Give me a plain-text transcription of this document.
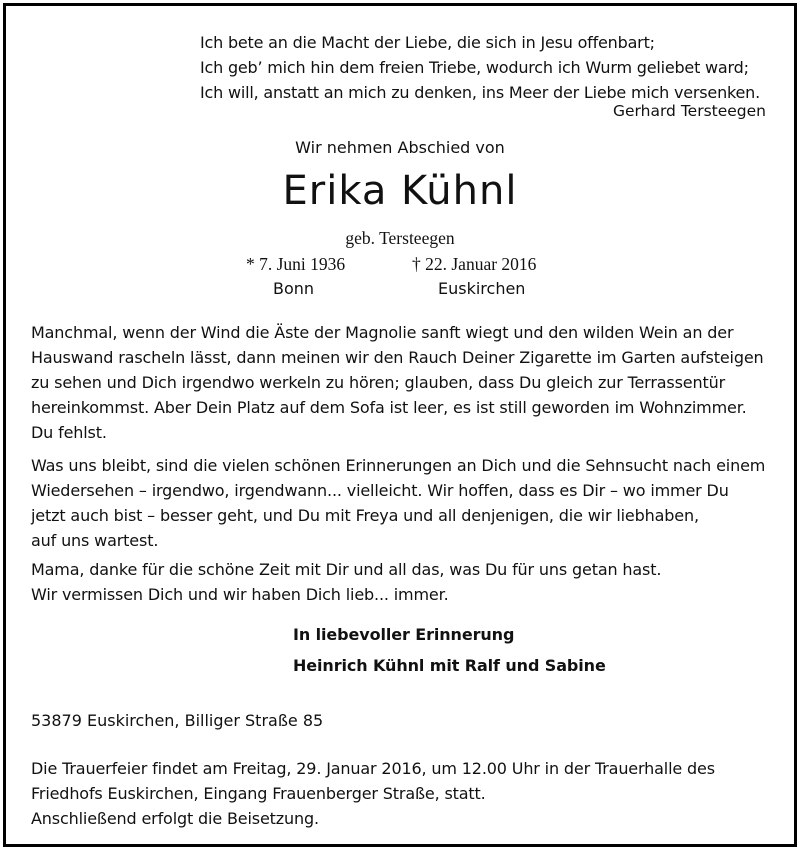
Ich bete an die Macht der Liebe, die sich in Jesu offenbart;
Ich geb’ mich hin dem freien Triebe, wodurch ich Wurm geliebet ward;
Ich will, anstatt an mich zu denken, ins Meer der Liebe mich versenken.
Gerhard Tersteegen
Wir nehmen Abschied von
Erika Kühnl
geb. Tersteegen
* 7. Juni 1936	† 22. Januar 2016
Bonn	Euskirchen
Manchmal, wenn der Wind die Äste der Magnolie sanft wiegt und den wilden Wein an der
Hauswand rascheln lässt, dann meinen wir den Rauch Deiner Zigarette im Garten aufsteigen
zu sehen und Dich irgendwo werkeln zu hören; glauben, dass Du gleich zur Terrassentür
hereinkommst. Aber Dein Platz auf dem Sofa ist leer, es ist still geworden im Wohnzimmer.
Du fehlst.
Was uns bleibt, sind die vielen schönen Erinnerungen an Dich und die Sehnsucht nach einem
Wiedersehen – irgendwo, irgendwann... vielleicht. Wir hoffen, dass es Dir – wo immer Du
jetzt auch bist – besser geht, und Du mit Freya und all denjenigen, die wir liebhaben,
auf uns wartest.
Mama, danke für die schöne Zeit mit Dir und all das, was Du für uns getan hast.
Wir vermissen Dich und wir haben Dich lieb... immer.
In liebevoller Erinnerung
Heinrich Kühnl mit Ralf und Sabine
53879 Euskirchen, Billiger Straße 85
Die Trauerfeier findet am Freitag, 29. Januar 2016, um 12.00 Uhr in der Trauerhalle des
Friedhofs Euskirchen, Eingang Frauenberger Straße, statt.
Anschließend erfolgt die Beisetzung.
